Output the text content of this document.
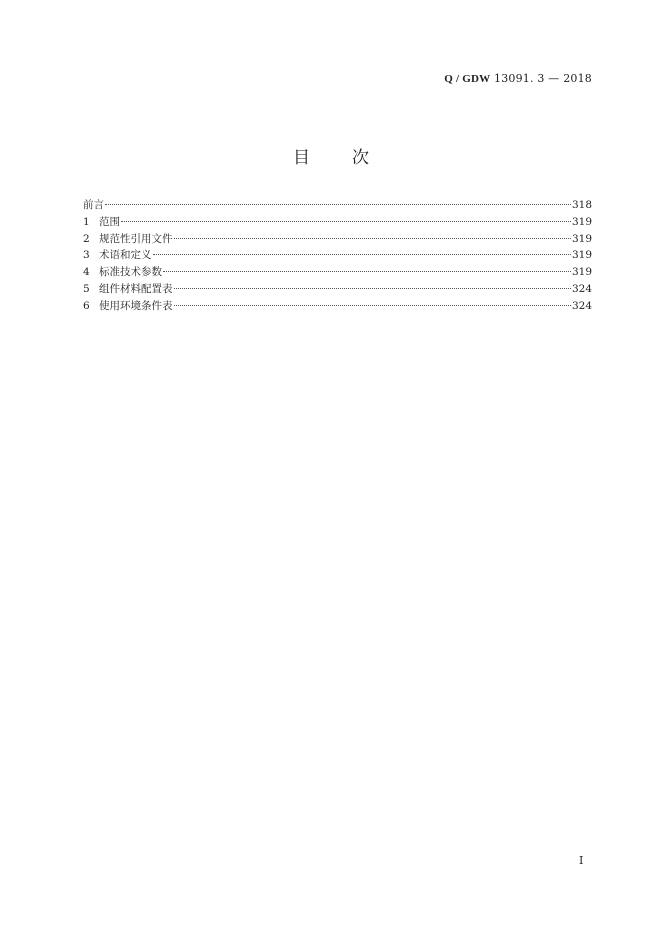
Q / GDW 13091. 3 — 2018
目 次
前言	318
1 范围	319
2 规范性引用文件	319
3 术语和定义	319
4 标准技术参数	319
5 组件材料配置表	324
6 使用环境条件表	324
I
